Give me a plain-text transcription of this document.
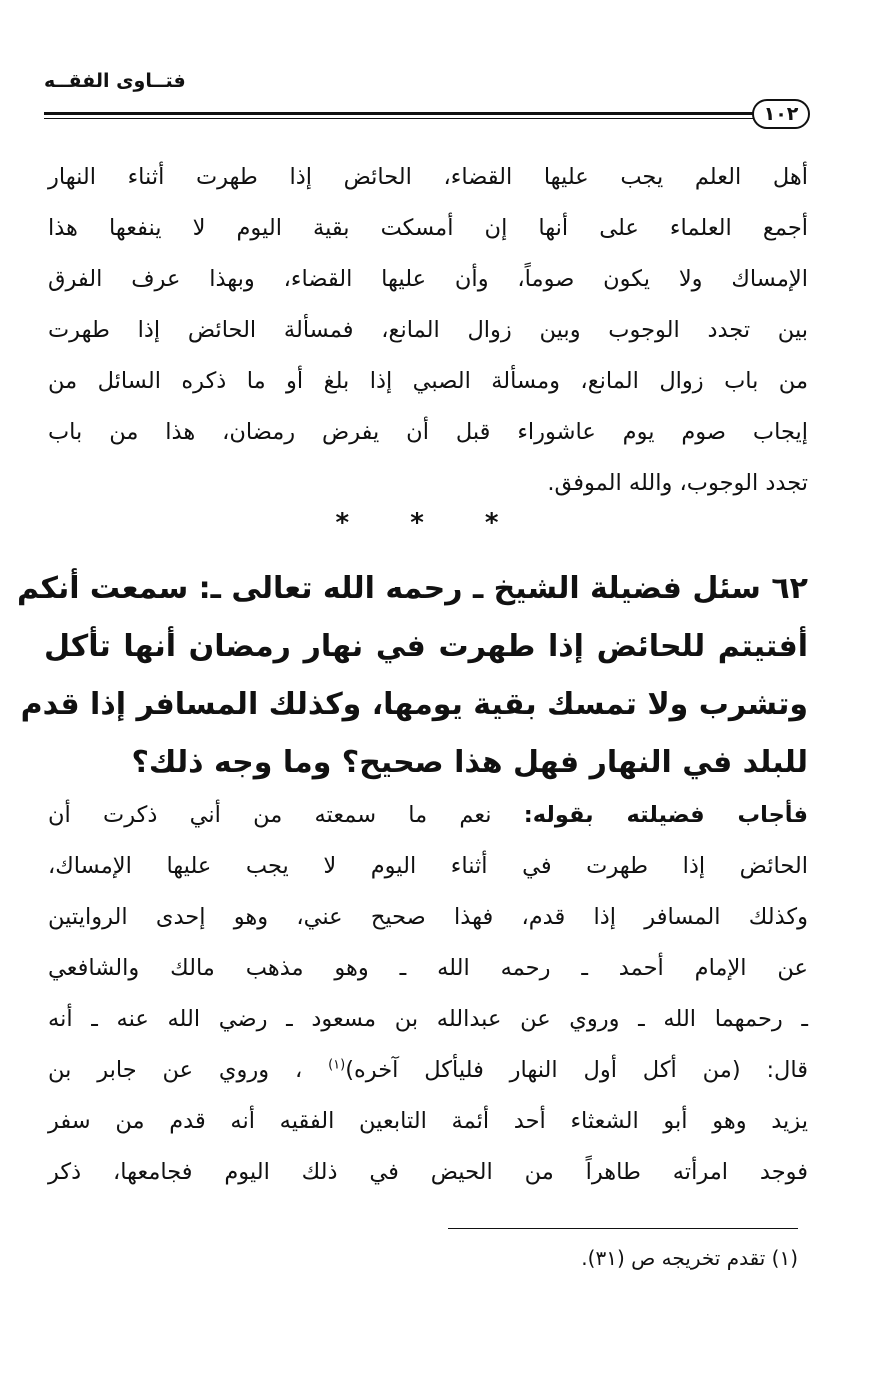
فتــاوى الفقــه
١٠٢
أهل العلم يجب عليها القضاء، الحائض إذا طهرت أثناء النهار
أجمع العلماء على أنها إن أمسكت بقية اليوم لا ينفعها هذا
الإمساك ولا يكون صوماً، وأن عليها القضاء، وبهذا عرف الفرق
بين تجدد الوجوب وبين زوال المانع، فمسألة الحائض إذا طهرت
من باب زوال المانع، ومسألة الصبي إذا بلغ أو ما ذكره السائل من
إيجاب صوم يوم عاشوراء قبل أن يفرض رمضان، هذا من باب
تجدد الوجوب، والله الموفق.
* * *
٦٢ سئل فضيلة الشيخ ـ رحمه الله تعالى ـ: سمعت أنكم
أفتيتم للحائض إذا طهرت في نهار رمضان أنها تأكل
وتشرب ولا تمسك بقية يومها، وكذلك المسافر إذا قدم
للبلد في النهار فهل هذا صحيح؟ وما وجه ذلك؟
فأجاب فضيلته بقوله: نعم ما سمعته من أني ذكرت أن
الحائض إذا طهرت في أثناء اليوم لا يجب عليها الإمساك،
وكذلك المسافر إذا قدم، فهذا صحيح عني، وهو إحدى الروايتين
عن الإمام أحمد ـ رحمه الله ـ وهو مذهب مالك والشافعي
ـ رحمهما الله ـ وروي عن عبدالله بن مسعود ـ رضي الله عنه ـ أنه
قال: (من أكل أول النهار فليأكل آخره)$^{(١)}$ ، وروي عن جابر بن
يزيد وهو أبو الشعثاء أحد أئمة التابعين الفقيه أنه قدم من سفر
فوجد امرأته طاهراً من الحيض في ذلك اليوم فجامعها، ذكر
(١) تقدم تخريجه ص (٣١).
